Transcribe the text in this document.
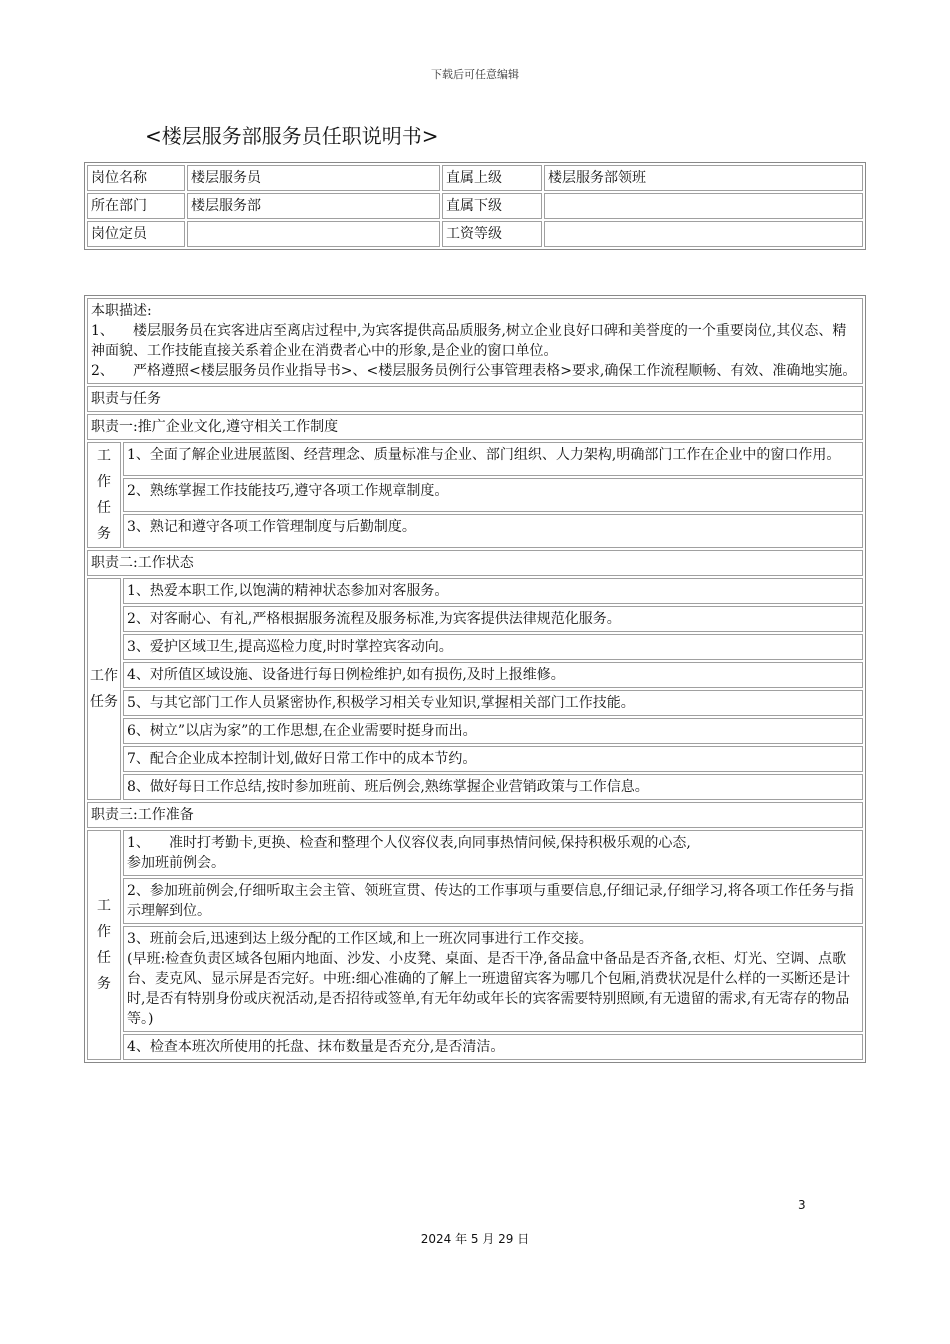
下载后可任意编辑
<楼层服务部服务员任职说明书>
岗位名称	楼层服务员	直属上级	楼层服务部领班
所在部门	楼层服务部	直属下级	
岗位定员		工资等级	
本职描述:
1、 楼层服务员在宾客进店至离店过程中,为宾客提供高品质服务,树立企业良好口碑和美誉度的一个重要岗位,其仪态、精神面貌、工作技能直接关系着企业在消费者心中的形象,是企业的窗口单位。
2、 严格遵照<楼层服务员作业指导书>、<楼层服务员例行公事管理表格>要求,确保工作流程顺畅、有效、准确地实施。	

职责与任务	
职责一:推广企业文化,遵守相关工作制度	

工作任务	1、全面了解企业进展蓝图、经营理念、质量标准与企业、部门组织、人力架构,明确部门工作在企业中的窗口作用。
	2、熟练掌握工作技能技巧,遵守各项工作规章制度。
	3、熟记和遵守各项工作管理制度与后勤制度。
职责二:工作状态	

工作任务	1、热爱本职工作,以饱满的精神状态参加对客服务。
	2、对客耐心、有礼,严格根据服务流程及服务标准,为宾客提供法律规范化服务。
	3、爱护区域卫生,提高巡检力度,时时掌控宾客动向。
	4、对所值区域设施、设备进行每日例检维护,如有损伤,及时上报维修。
	5、与其它部门工作人员紧密协作,积极学习相关专业知识,掌握相关部门工作技能。
	6、树立”以店为家”的工作思想,在企业需要时挺身而出。
	7、配合企业成本控制计划,做好日常工作中的成本节约。
	8、做好每日工作总结,按时参加班前、班后例会,熟练掌握企业营销政策与工作信息。
职责三:工作准备	

工作任务	1、 准时打考勤卡,更换、检查和整理个人仪容仪表,向同事热情问候,保持积极乐观的心态,
参加班前例会。

	2、参加班前例会,仔细听取主会主管、领班宣贯、传达的工作事项与重要信息,仔细记录,仔细学习,将各项工作任务与指示理解到位。

	3、班前会后,迅速到达上级分配的工作区域,和上一班次同事进行工作交接。
(早班:检查负责区域各包厢内地面、沙发、小皮凳、桌面、是否干净,备品盒中备品是否齐备,衣柜、灯光、空调、点歌台、麦克风、显示屏是否完好。中班:细心准确的了解上一班遗留宾客为哪几个包厢,消费状况是什么样的一买断还是计时,是否有特别身份或庆祝活动,是否招待或签单,有无年幼或年长的宾客需要特别照顾,有无遗留的需求,有无寄存的物品等。)

	4、检查本班次所使用的托盘、抹布数量是否充分,是否清洁。
3
2024 年 5 月 29 日
